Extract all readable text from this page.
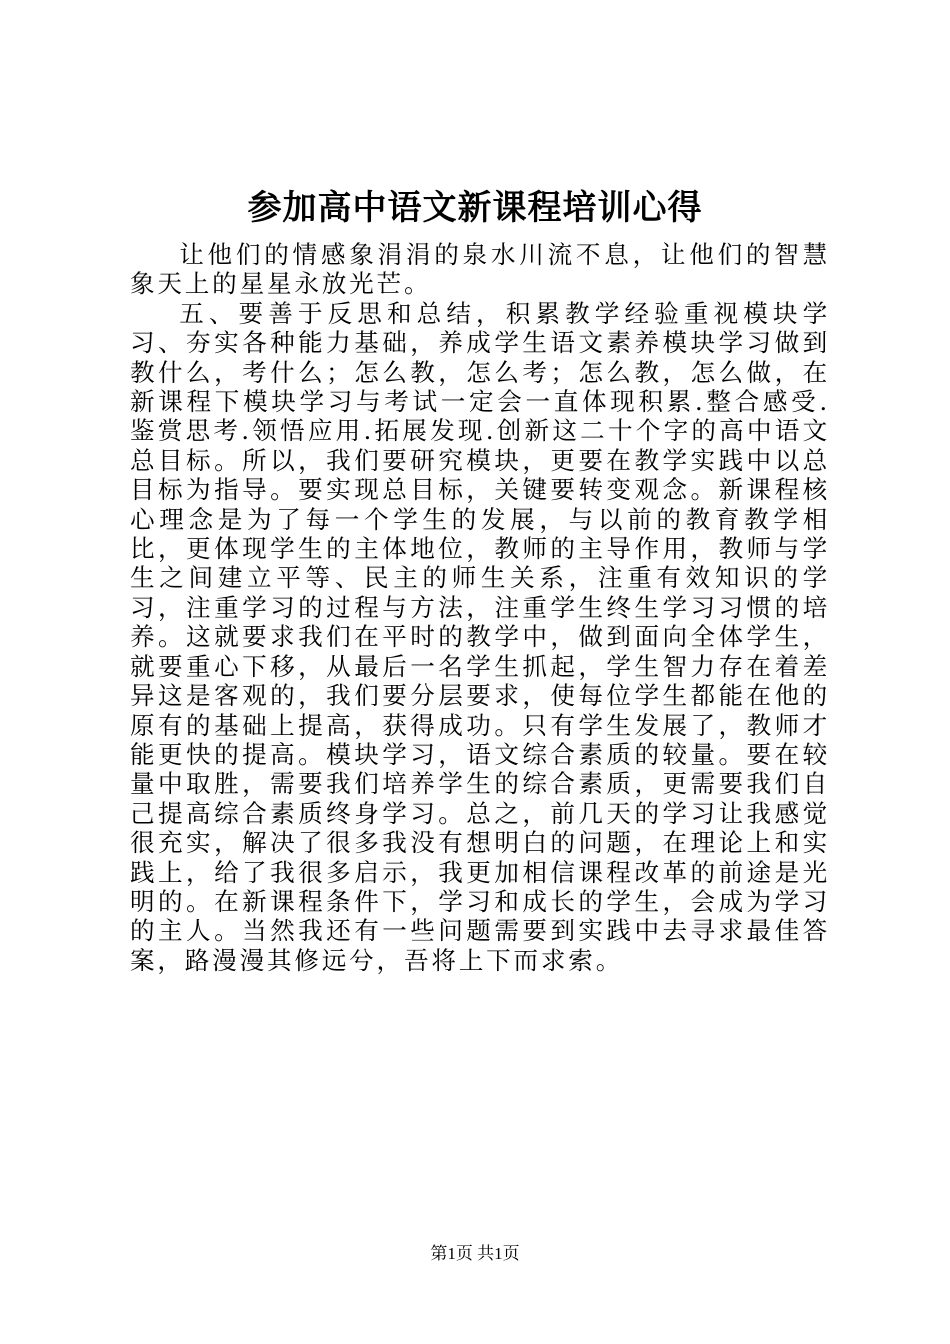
参加高中语文新课程培训心得

让他们的情感象涓涓的泉水川流不息，让他们的智慧象天上的星星永放光芒。

五、要善于反思和总结，积累教学经验重视模块学习、夯实各种能力基础，养成学生语文素养模块学习做到教什么，考什么；怎么教，怎么考；怎么教，怎么做，在新课程下模块学习与考试一定会一直体现积累.整合感受.鉴赏思考.领悟应用.拓展发现.创新这二十个字的高中语文总目标。所以，我们要研究模块，更要在教学实践中以总目标为指导。要实现总目标，关键要转变观念。新课程核心理念是为了每一个学生的发展，与以前的教育教学相比，更体现学生的主体地位，教师的主导作用，教师与学生之间建立平等、民主的师生关系，注重有效知识的学习，注重学习的过程与方法，注重学生终生学习习惯的培养。这就要求我们在平时的教学中，做到面向全体学生，就要重心下移，从最后一名学生抓起，学生智力存在着差异这是客观的，我们要分层要求，使每位学生都能在他的原有的基础上提高，获得成功。只有学生发展了，教师才能更快的提高。模块学习，语文综合素质的较量。要在较量中取胜，需要我们培养学生的综合素质，更需要我们自己提高综合素质终身学习。总之，前几天的学习让我感觉很充实，解决了很多我没有想明白的问题，在理论上和实践上，给了我很多启示，我更加相信课程改革的前途是光明的。在新课程条件下，学习和成长的学生，会成为学习的主人。当然我还有一些问题需要到实践中去寻求最佳答案，路漫漫其修远兮，吾将上下而求索。

第1页 共1页
